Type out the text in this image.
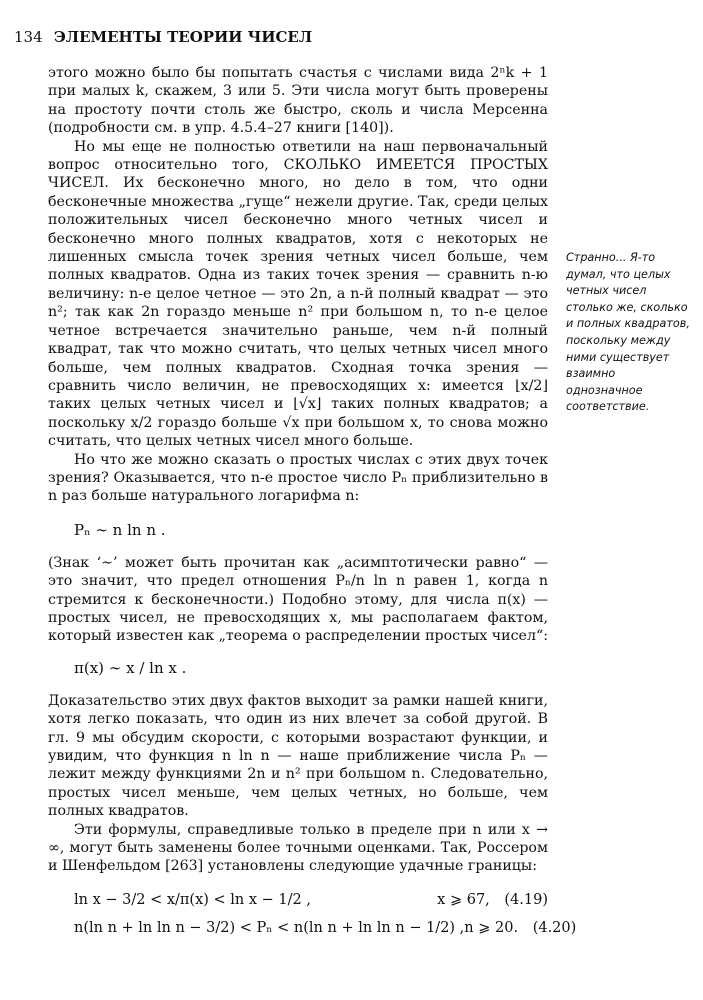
134 ЭЛЕМЕНТЫ ТЕОРИИ ЧИСЕЛ

этого можно было бы попытать счастья с числами вида 2ⁿk + 1 при малых k, скажем, 3 или 5. Эти числа могут быть проверены на простоту почти столь же быстро, сколь и числа Мерсенна (подробности см. в упр. 4.5.4–27 книги [140]).

Но мы еще не полностью ответили на наш первоначальный вопрос относительно того, СКОЛЬКО ИМЕЕТСЯ ПРОСТЫХ ЧИСЕЛ. Их бесконечно много, но дело в том, что одни бесконечные множества „гуще“ нежели другие. Так, среди целых положительных чисел бесконечно много четных чисел и бесконечно много полных квадратов, хотя с некоторых не лишенных смысла точек зрения четных чисел больше, чем полных квадратов. Одна из таких точек зрения — сравнить n-ю величину: n-е целое четное — это 2n, а n-й полный квадрат — это n²; так как 2n гораздо меньше n² при большом n, то n-е целое четное встречается значительно раньше, чем n-й полный квадрат, так что можно считать, что целых четных чисел много больше, чем полных квадратов. Сходная точка зрения — сравнить число величин, не превосходящих x: имеется ⌊x/2⌋ таких целых четных чисел и ⌊√x⌋ таких полных квадратов; а поскольку x/2 гораздо больше √x при большом x, то снова можно считать, что целых четных чисел много больше.

Но что же можно сказать о простых числах с этих двух точек зрения? Оказывается, что n-е простое число Pₙ приблизительно в n раз больше натурального логарифма n:

Pₙ ∼ n ln n .

(Знак ‘∼’ может быть прочитан как „асимптотически равно“ — это значит, что предел отношения Pₙ/n ln n равен 1, когда n стремится к бесконечности.) Подобно этому, для числа π(x) — простых чисел, не превосходящих x, мы располагаем фактом, который известен как „теорема о распределении простых чисел“:

π(x) ∼ x / ln x .

Доказательство этих двух фактов выходит за рамки нашей книги, хотя легко показать, что один из них влечет за собой другой. В гл. 9 мы обсудим скорости, с которыми возрастают функции, и увидим, что функция n ln n — наше приближение числа Pₙ — лежит между функциями 2n и n² при большом n. Следовательно, простых чисел меньше, чем целых четных, но больше, чем полных квадратов.

Эти формулы, справедливые только в пределе при n или x → ∞, могут быть заменены более точными оценками. Так, Россером и Шенфельдом [263] установлены следующие удачные границы:

ln x − 3/2 < x/π(x) < ln x − 1/2 ,	x ⩾ 67, (4.19)
n(ln n + ln ln n − 3/2) < Pₙ < n(ln n + ln ln n − 1/2) , n ⩾ 20. (4.20)
Странно... Я-то думал, что целых четных чисел столько же, сколько и полных квадратов, поскольку между ними существует взаимно однозначное соответствие.
